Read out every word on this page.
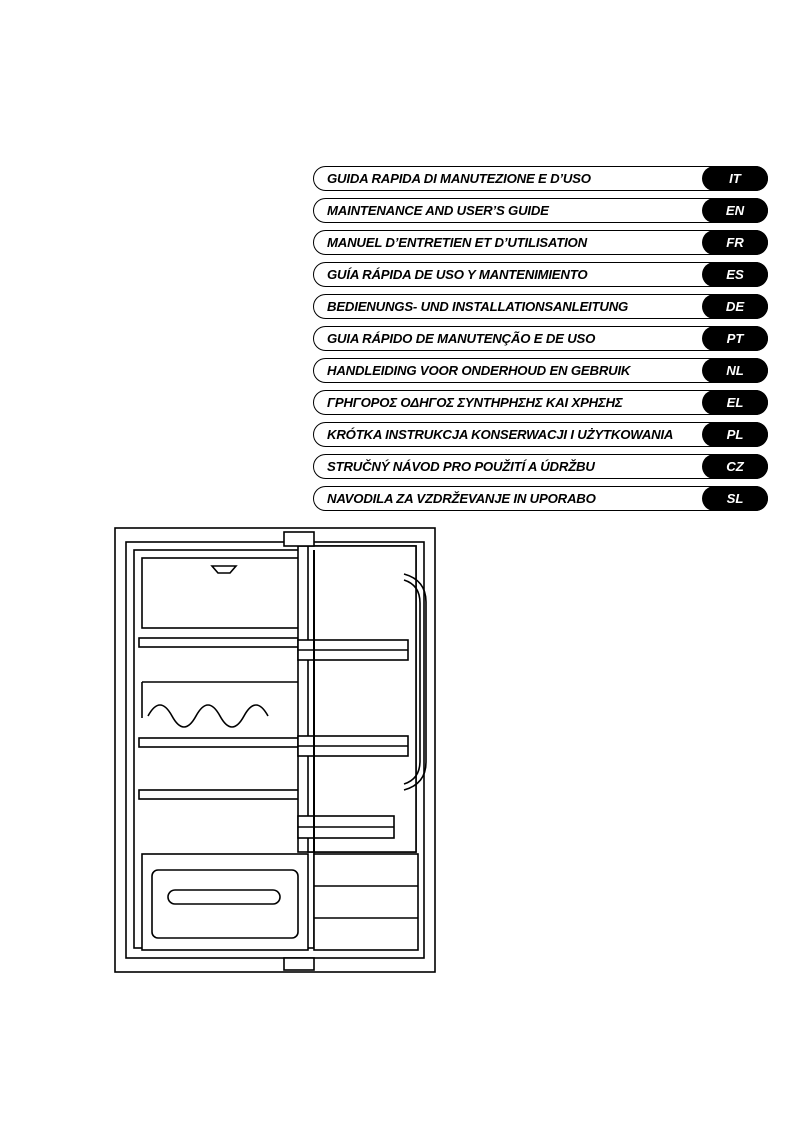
GUIDA RAPIDA DI MANUTEZIONE E D’USO	IT
MAINTENANCE AND USER’S GUIDE	EN
MANUEL D’ENTRETIEN ET D’UTILISATION	FR
GUÍA RÁPIDA DE USO Y MANTENIMIENTO	ES
BEDIENUNGS- UND INSTALLATIONSANLEITUNG	DE
GUIA RÁPIDO DE MANUTENÇÃO E DE USO	PT
HANDLEIDING VOOR ONDERHOUD EN GEBRUIK	NL
ΓΡΗΓΟΡΟΣ ΟΔΗΓΟΣ ΣΥΝΤΗΡΗΣΗΣ ΚΑΙ ΧΡΗΣΗΣ	EL
KRÓTKA INSTRUKCJA KONSERWACJI I UŻYTKOWANIA	PL
STRUČNÝ NÁVOD PRO POUŽITÍ A ÚDRŽBU	CZ
NAVODILA ZA VZDRŽEVANJE IN UPORABO	SL
